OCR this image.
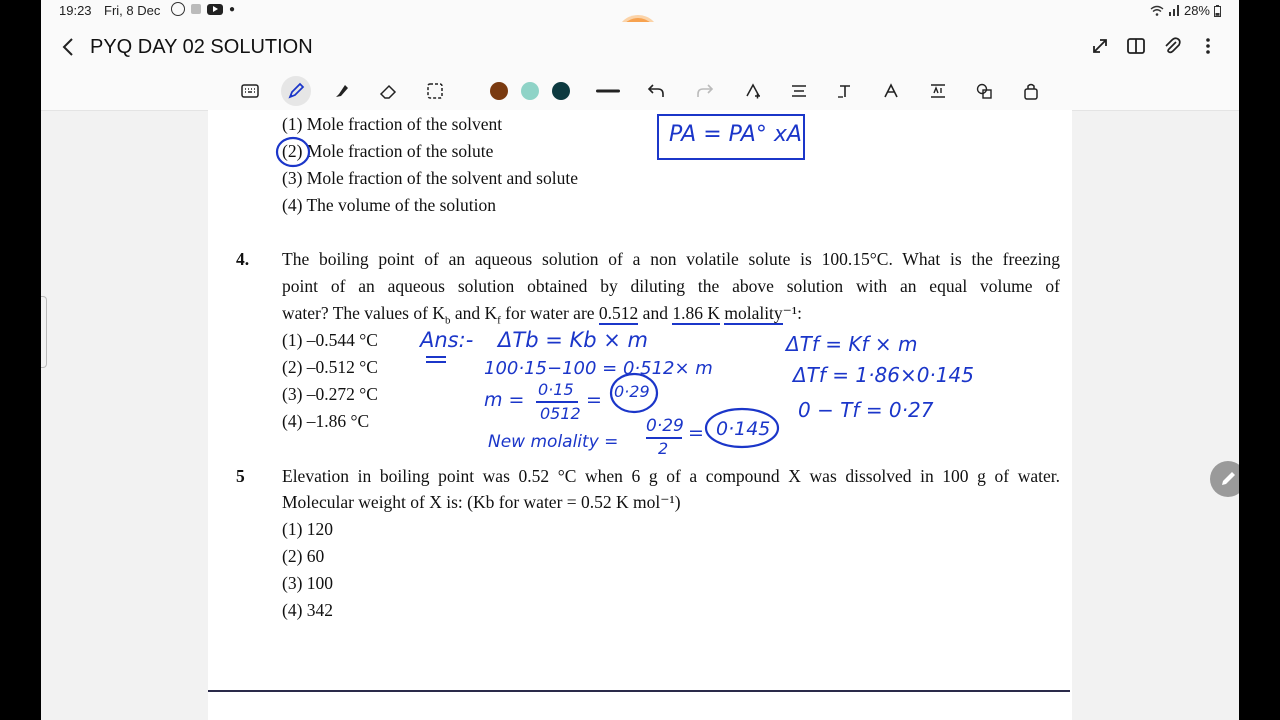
19:23 Fri, 8 Dec	●	28%
PYQ DAY 02 SOLUTION
(1) Mole fraction of the solvent
(2) Mole fraction of the solute
(3) Mole fraction of the solvent and solute
(4) The volume of the solution
PA = PA° xA
4. The boiling point of an aqueous solution of a non volatile solute is 100.15°C. What is the freezing
point of an aqueous solution obtained by diluting the above solution with an equal volume of
water? The values of $K_b$ and $K_f$ for water are 0.512 and 1.86 K molality⁻¹:
(1) –0.544 °C
(2) –0.512 °C
(3) –0.272 °C
(4) –1.86 °C
Ans:- ΔTb = Kb × m
100·15−100 = 0·512× m
m = 0·15
0512
= 0·29
New molality =
0·29
2
= 0·145
ΔTf = Kf × m
ΔTf = 1·86×0·145
0 − Tf = 0·27
5 Elevation in boiling point was 0.52 °C when 6 g of a compound X was dissolved in 100 g of water.
Molecular weight of X is: (Kb for water = 0.52 K mol⁻¹)
(1) 120
(2) 60
(3) 100
(4) 342
